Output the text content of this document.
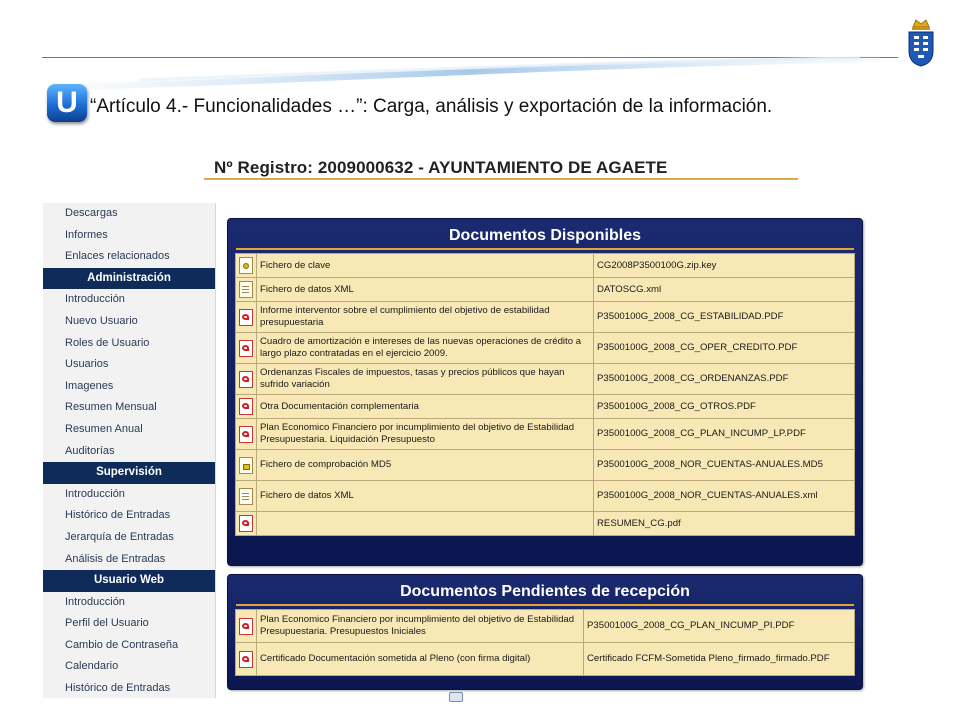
U “Artículo 4.- Funcionalidades …”: Carga, análisis y exportación de la información.
Nº Registro: 2009000632 - AYUNTAMIENTO DE AGAETE
Descargas
Informes
Enlaces relacionados
Administración
Introducción
Nuevo Usuario
Roles de Usuario
Usuarios
Imagenes
Resumen Mensual
Resumen Anual
Auditorías
Supervisión
Introducción
Histórico de Entradas
Jerarquía de Entradas
Análisis de Entradas
Usuario Web
Introducción
Perfil del Usuario
Cambio de Contraseña
Calendario
Histórico de Entradas
Documentos Disponibles
	Fichero de clave	CG2008P3500100G.zip.key
	Fichero de datos XML	DATOSCG.xml
	Informe interventor sobre el cumplimiento del objetivo de estabilidad presupuestaria	P3500100G_2008_CG_ESTABILIDAD.PDF
	Cuadro de amortización e intereses de las nuevas operaciones de crédito a largo plazo contratadas en el ejercicio 2009.	P3500100G_2008_CG_OPER_CREDITO.PDF
	Ordenanzas Fiscales de impuestos, tasas y precios públicos que hayan sufrido variación	P3500100G_2008_CG_ORDENANZAS.PDF
	Otra Documentación complementaria	P3500100G_2008_CG_OTROS.PDF
	Plan Economico Financiero por incumplimiento del objetivo de Estabilidad Presupuestaria. Liquidación Presupuesto	P3500100G_2008_CG_PLAN_INCUMP_LP.PDF
	Fichero de comprobación MD5	P3500100G_2008_NOR_CUENTAS-ANUALES.MD5
	Fichero de datos XML	P3500100G_2008_NOR_CUENTAS-ANUALES.xml
		RESUMEN_CG.pdf
Documentos Pendientes de recepción
	Plan Economico Financiero por incumplimiento del objetivo de Estabilidad Presupuestaria. Presupuestos Iniciales	P3500100G_2008_CG_PLAN_INCUMP_PI.PDF
	Certificado Documentación sometida al Pleno (con firma digital)	Certificado FCFM-Sometida Pleno_firmado_firmado.PDF
